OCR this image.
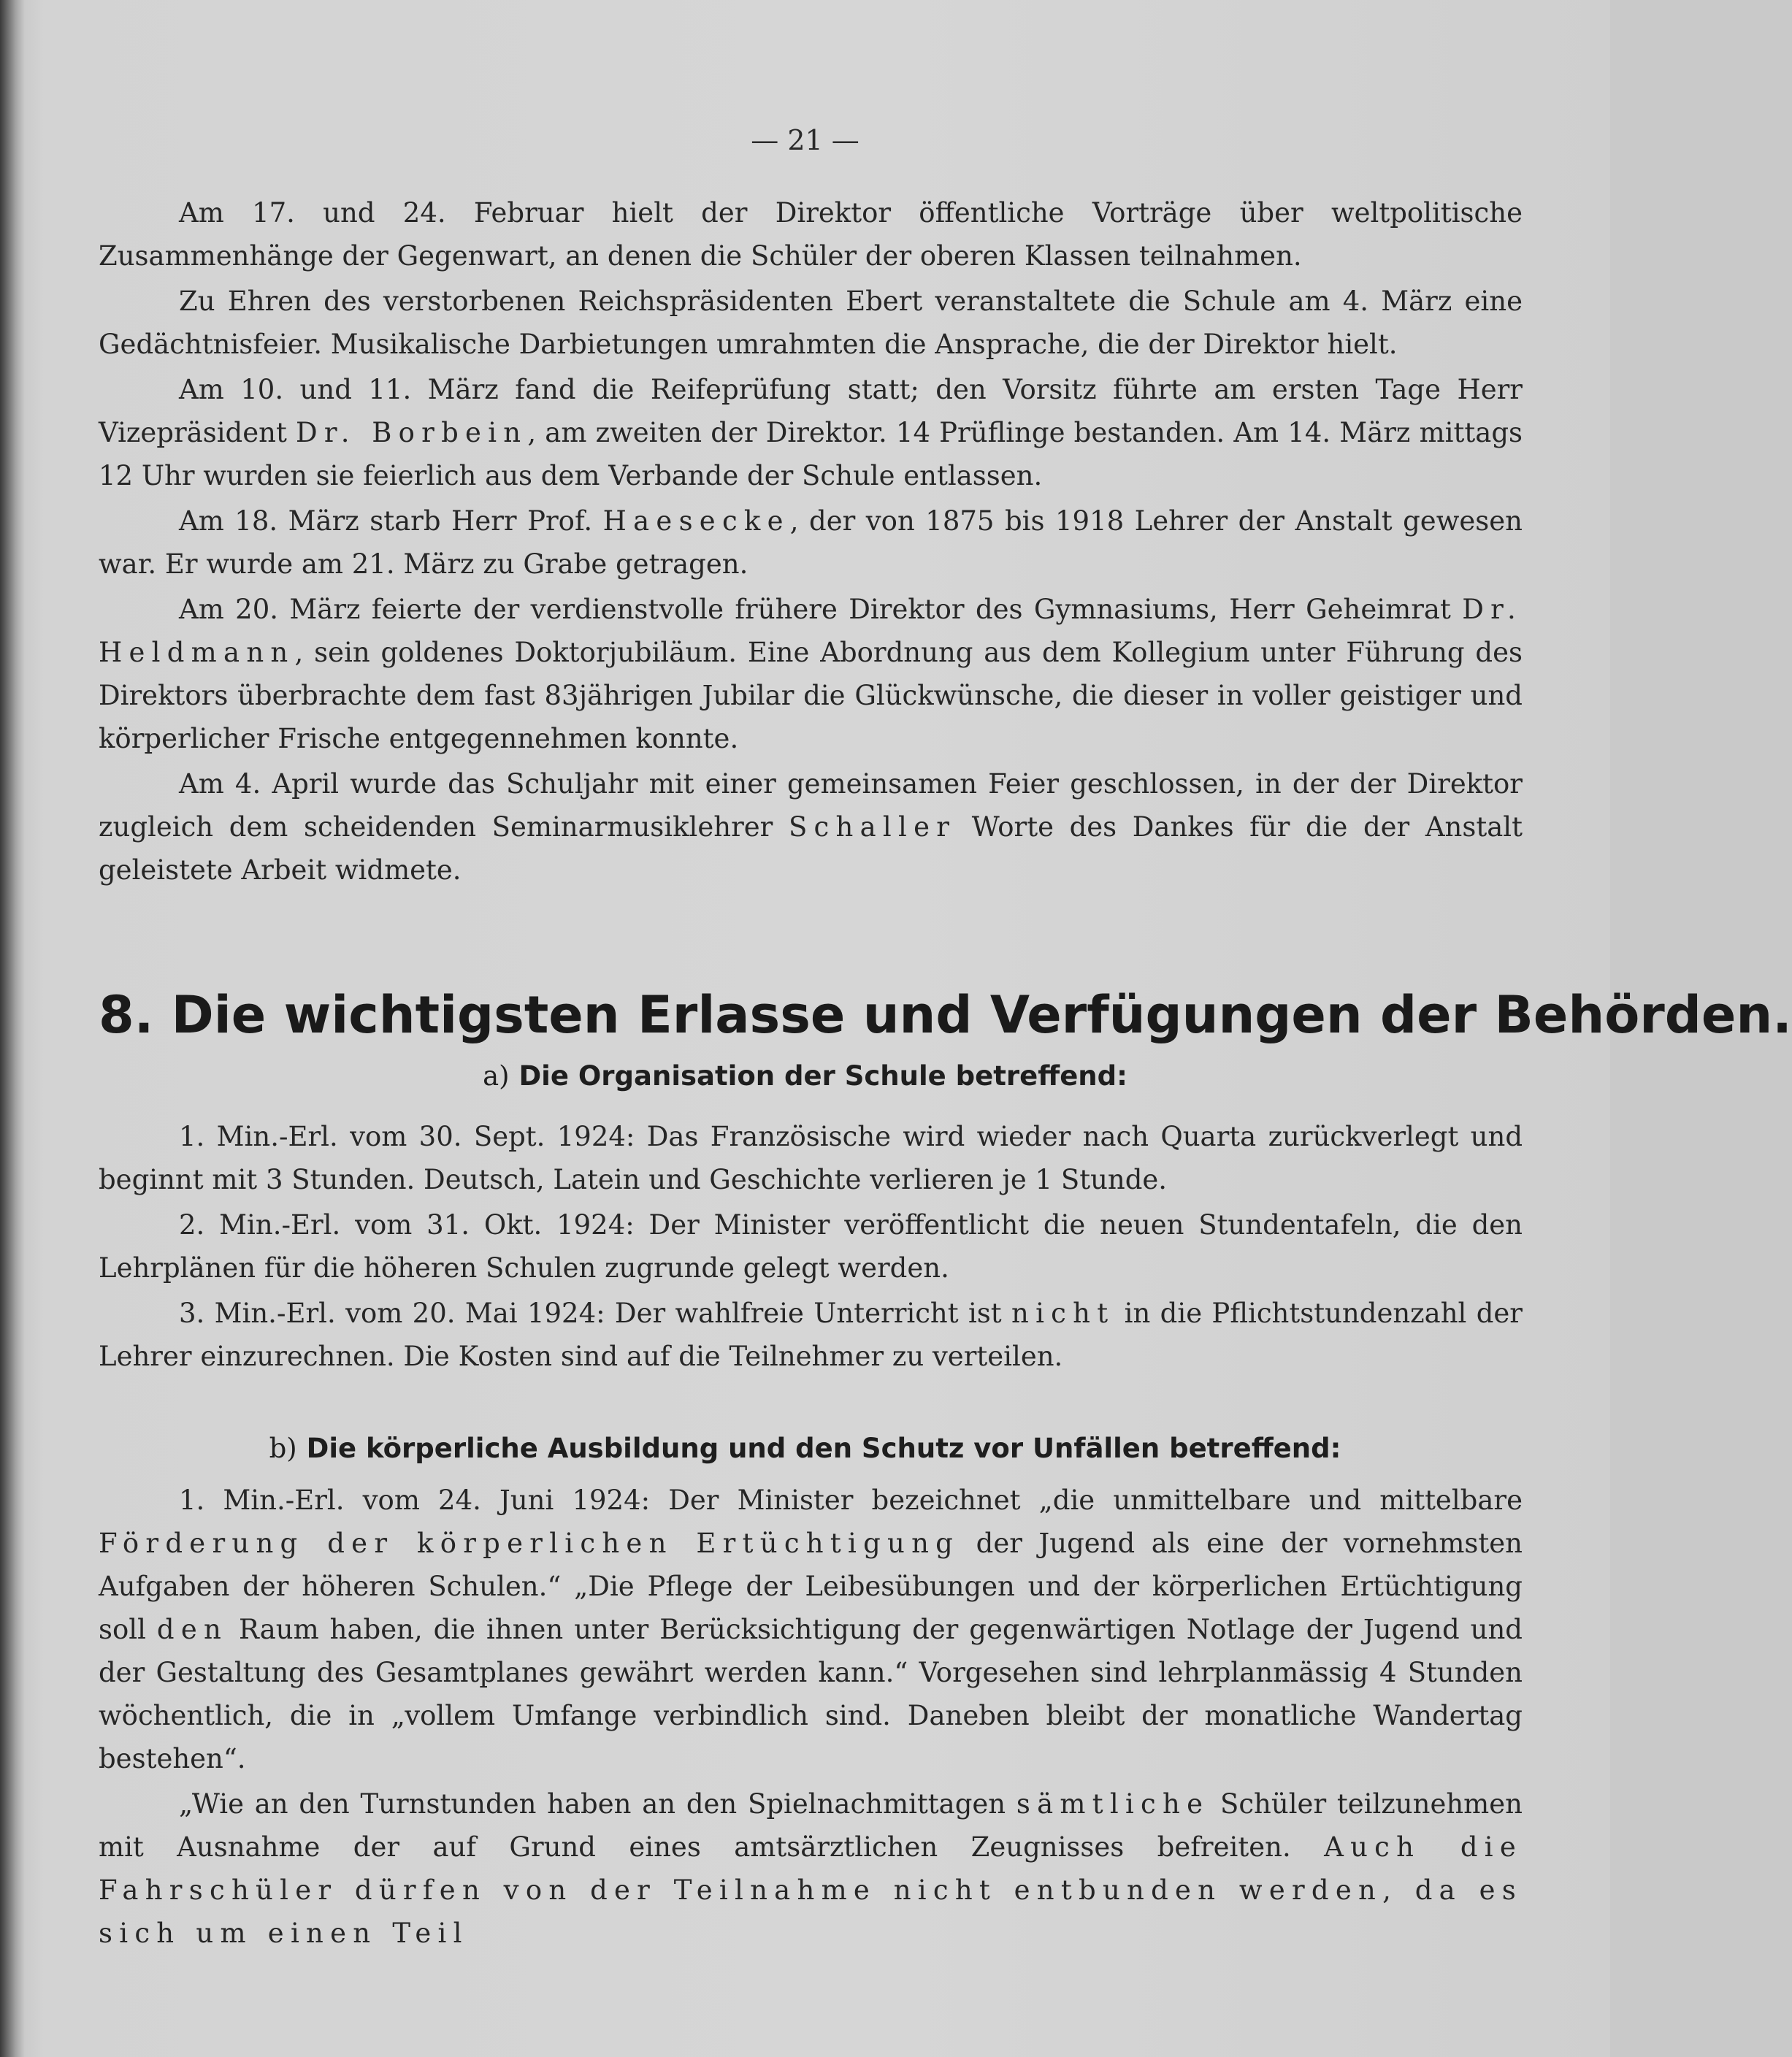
— 21 —

Am 17. und 24. Februar hielt der Direktor öffentliche Vorträge über weltpolitische Zusammenhänge der Gegenwart, an denen die Schüler der oberen Klassen teilnahmen.

Zu Ehren des verstorbenen Reichspräsidenten Ebert veranstaltete die Schule am 4. März eine Gedächtnisfeier. Musikalische Darbietungen umrahmten die Ansprache, die der Direktor hielt.

Am 10. und 11. März fand die Reifeprüfung statt; den Vorsitz führte am ersten Tage Herr Vizepräsident Dr. Borbein, am zweiten der Direktor. 14 Prüflinge bestanden. Am 14. März mittags 12 Uhr wurden sie feierlich aus dem Verbande der Schule entlassen.

Am 18. März starb Herr Prof. Haesecke, der von 1875 bis 1918 Lehrer der Anstalt gewesen war. Er wurde am 21. März zu Grabe getragen.

Am 20. März feierte der verdienstvolle frühere Direktor des Gymnasiums, Herr Geheimrat Dr. Heldmann, sein goldenes Doktorjubiläum. Eine Abordnung aus dem Kollegium unter Führung des Direktors überbrachte dem fast 83jährigen Jubilar die Glückwünsche, die dieser in voller geistiger und körperlicher Frische entgegennehmen konnte.

Am 4. April wurde das Schuljahr mit einer gemeinsamen Feier geschlossen, in der der Direktor zugleich dem scheidenden Seminarmusiklehrer Schaller Worte des Dankes für die der Anstalt geleistete Arbeit widmete.

8. Die wichtigsten Erlasse und Verfügungen der Behörden.
a) Die Organisation der Schule betreffend:

1. Min.-Erl. vom 30. Sept. 1924: Das Französische wird wieder nach Quarta zurückverlegt und beginnt mit 3 Stunden. Deutsch, Latein und Geschichte verlieren je 1 Stunde.

2. Min.-Erl. vom 31. Okt. 1924: Der Minister veröffentlicht die neuen Stundentafeln, die den Lehrplänen für die höheren Schulen zugrunde gelegt werden.

3. Min.-Erl. vom 20. Mai 1924: Der wahlfreie Unterricht ist nicht in die Pflichtstundenzahl der Lehrer einzurechnen. Die Kosten sind auf die Teilnehmer zu verteilen.

b) Die körperliche Ausbildung und den Schutz vor Unfällen betreffend:

1. Min.-Erl. vom 24. Juni 1924: Der Minister bezeichnet „die unmittelbare und mittelbare Förderung der körperlichen Ertüchtigung der Jugend als eine der vornehmsten Aufgaben der höheren Schulen.“ „Die Pflege der Leibesübungen und der körperlichen Ertüchtigung soll den Raum haben, die ihnen unter Berücksichtigung der gegenwärtigen Notlage der Jugend und der Gestaltung des Gesamtplanes gewährt werden kann.“ Vorgesehen sind lehrplanmässig 4 Stunden wöchentlich, die in „vollem Umfange verbindlich sind. Daneben bleibt der monatliche Wandertag bestehen“.

„Wie an den Turnstunden haben an den Spielnachmittagen sämtliche Schüler teilzunehmen mit Ausnahme der auf Grund eines amtsärztlichen Zeugnisses befreiten. Auch die Fahrschüler dürfen von der Teilnahme nicht entbunden werden, da es sich um einen Teil
